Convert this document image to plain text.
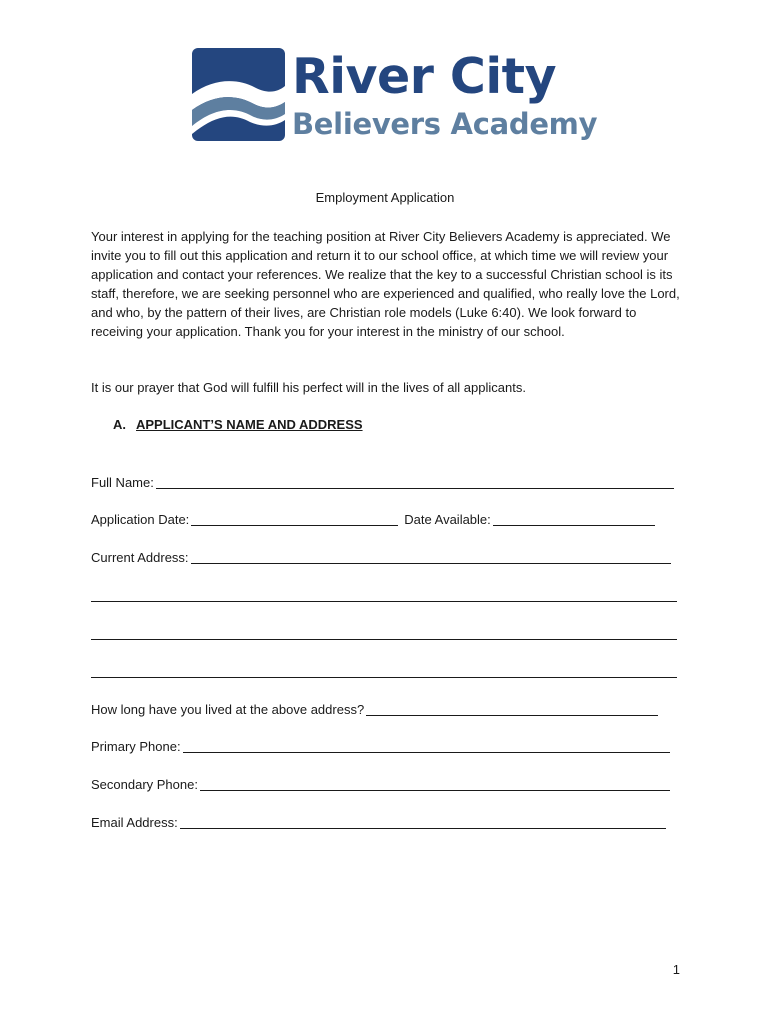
River City
Believers Academy
Employment Application

Your interest in applying for the teaching position at River City Believers Academy is appreciated. We invite you to fill out this application and return it to our school office, at which time we will review your application and contact your references. We realize that the key to a successful Christian school is its staff, therefore, we are seeking personnel who are experienced and qualified, who really love the Lord, and who, by the pattern of their lives, are Christian role models (Luke 6:40). We look forward to receiving your application. Thank you for your interest in the ministry of our school.

It is our prayer that God will fulfill his perfect will in the lives of all applicants.

A. APPLICANT’S NAME AND ADDRESS
Full Name:
Application Date:	Date Available:
Current Address:
How long have you lived at the above address?
Primary Phone:
Secondary Phone:
Email Address:
1
